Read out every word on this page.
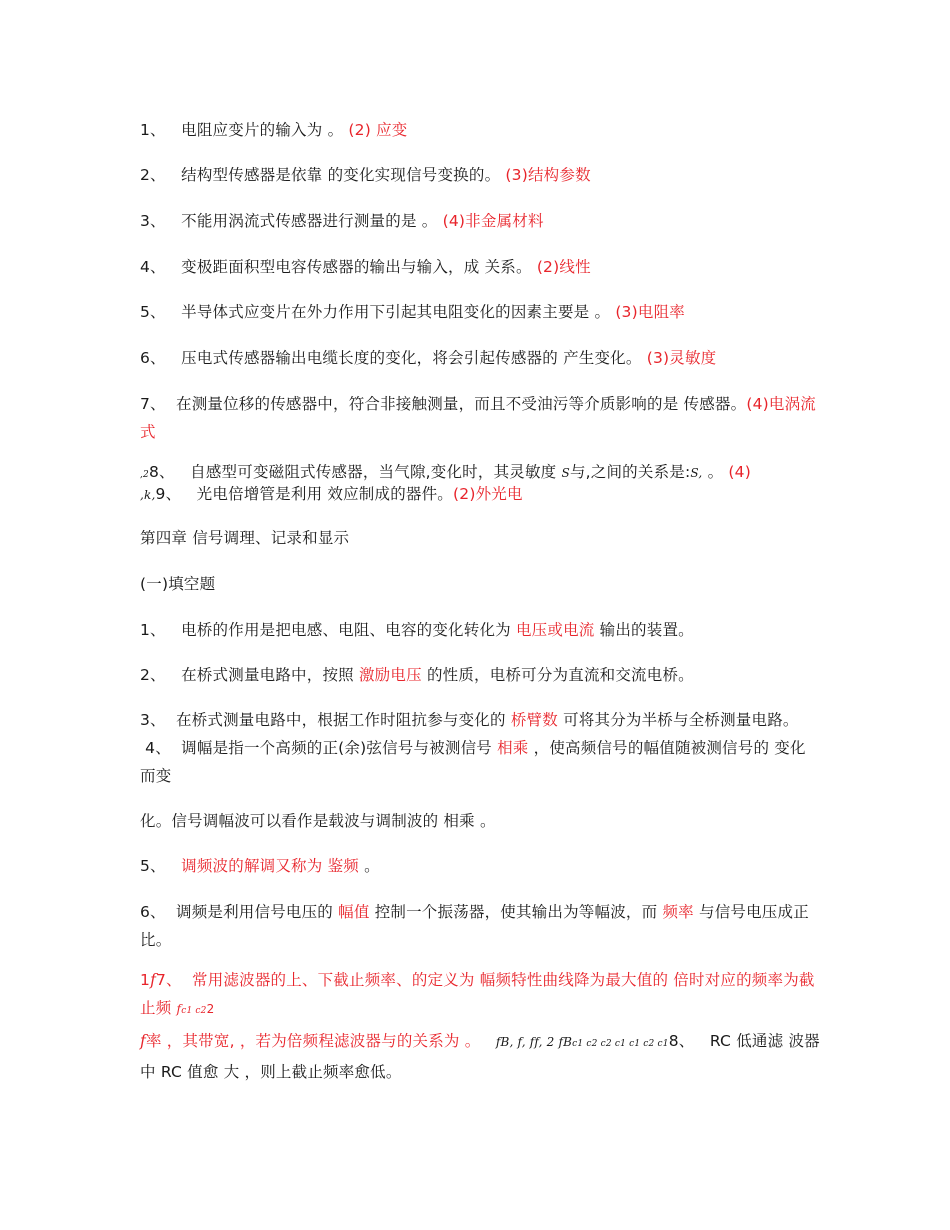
1、 电阻应变片的输入为 。 (2) 应变
2、 结构型传感器是依靠 的变化实现信号变换的。 (3)结构参数
3、 不能用涡流式传感器进行测量的是 。 (4)非金属材料
4、 变极距面积型电容传感器的输出与输入，成 关系。 (2)线性
5、 半导体式应变片在外力作用下引起其电阻变化的因素主要是 。 (3)电阻率
6、 压电式传感器输出电缆长度的变化，将会引起传感器的 产生变化。 (3)灵敏度
7、 在测量位移的传感器中，符合非接触测量，而且不受油污等介质影响的是 传感器。(4)电涡流式
,28、 自感型可变磁阻式传感器，当气隙,变化时，其灵敏度 S与,之间的关系是:S, 。 (4)
,k,9、 光电倍增管是利用 效应制成的器件。(2)外光电
第四章 信号调理、记录和显示
(一)填空题
1、 电桥的作用是把电感、电阻、电容的变化转化为 电压或电流 输出的装置。
2、 在桥式测量电路中，按照 激励电压 的性质，电桥可分为直流和交流电桥。
3、 在桥式测量电路中，根据工作时阻抗参与变化的 桥臂数 可将其分为半桥与全桥测量电路。  4、 调幅是指一个高频的正(余)弦信号与被测信号 相乘 ，使高频信号的幅值随被测信号的 变化 而变
化。信号调幅波可以看作是载波与调制波的 相乘 。
5、 调频波的解调又称为 鉴频 。
6、 调频是利用信号电压的 幅值 控制一个振荡器，使其输出为等幅波，而 频率 与信号电压成正比。
1f7、 常用滤波器的上、下截止频率、的定义为 幅频特性曲线降为最大值的 倍时对应的频率为截止频 fc1 c22
f率 ，其带宽, ，若为倍频程滤波器与的关系为 。 fB, f, ff, 2 fBc1 c2 c2 c1 c1 c2 c18、 RC 低通滤 波器中 RC 值愈 大 ，则上截止频率愈低。
